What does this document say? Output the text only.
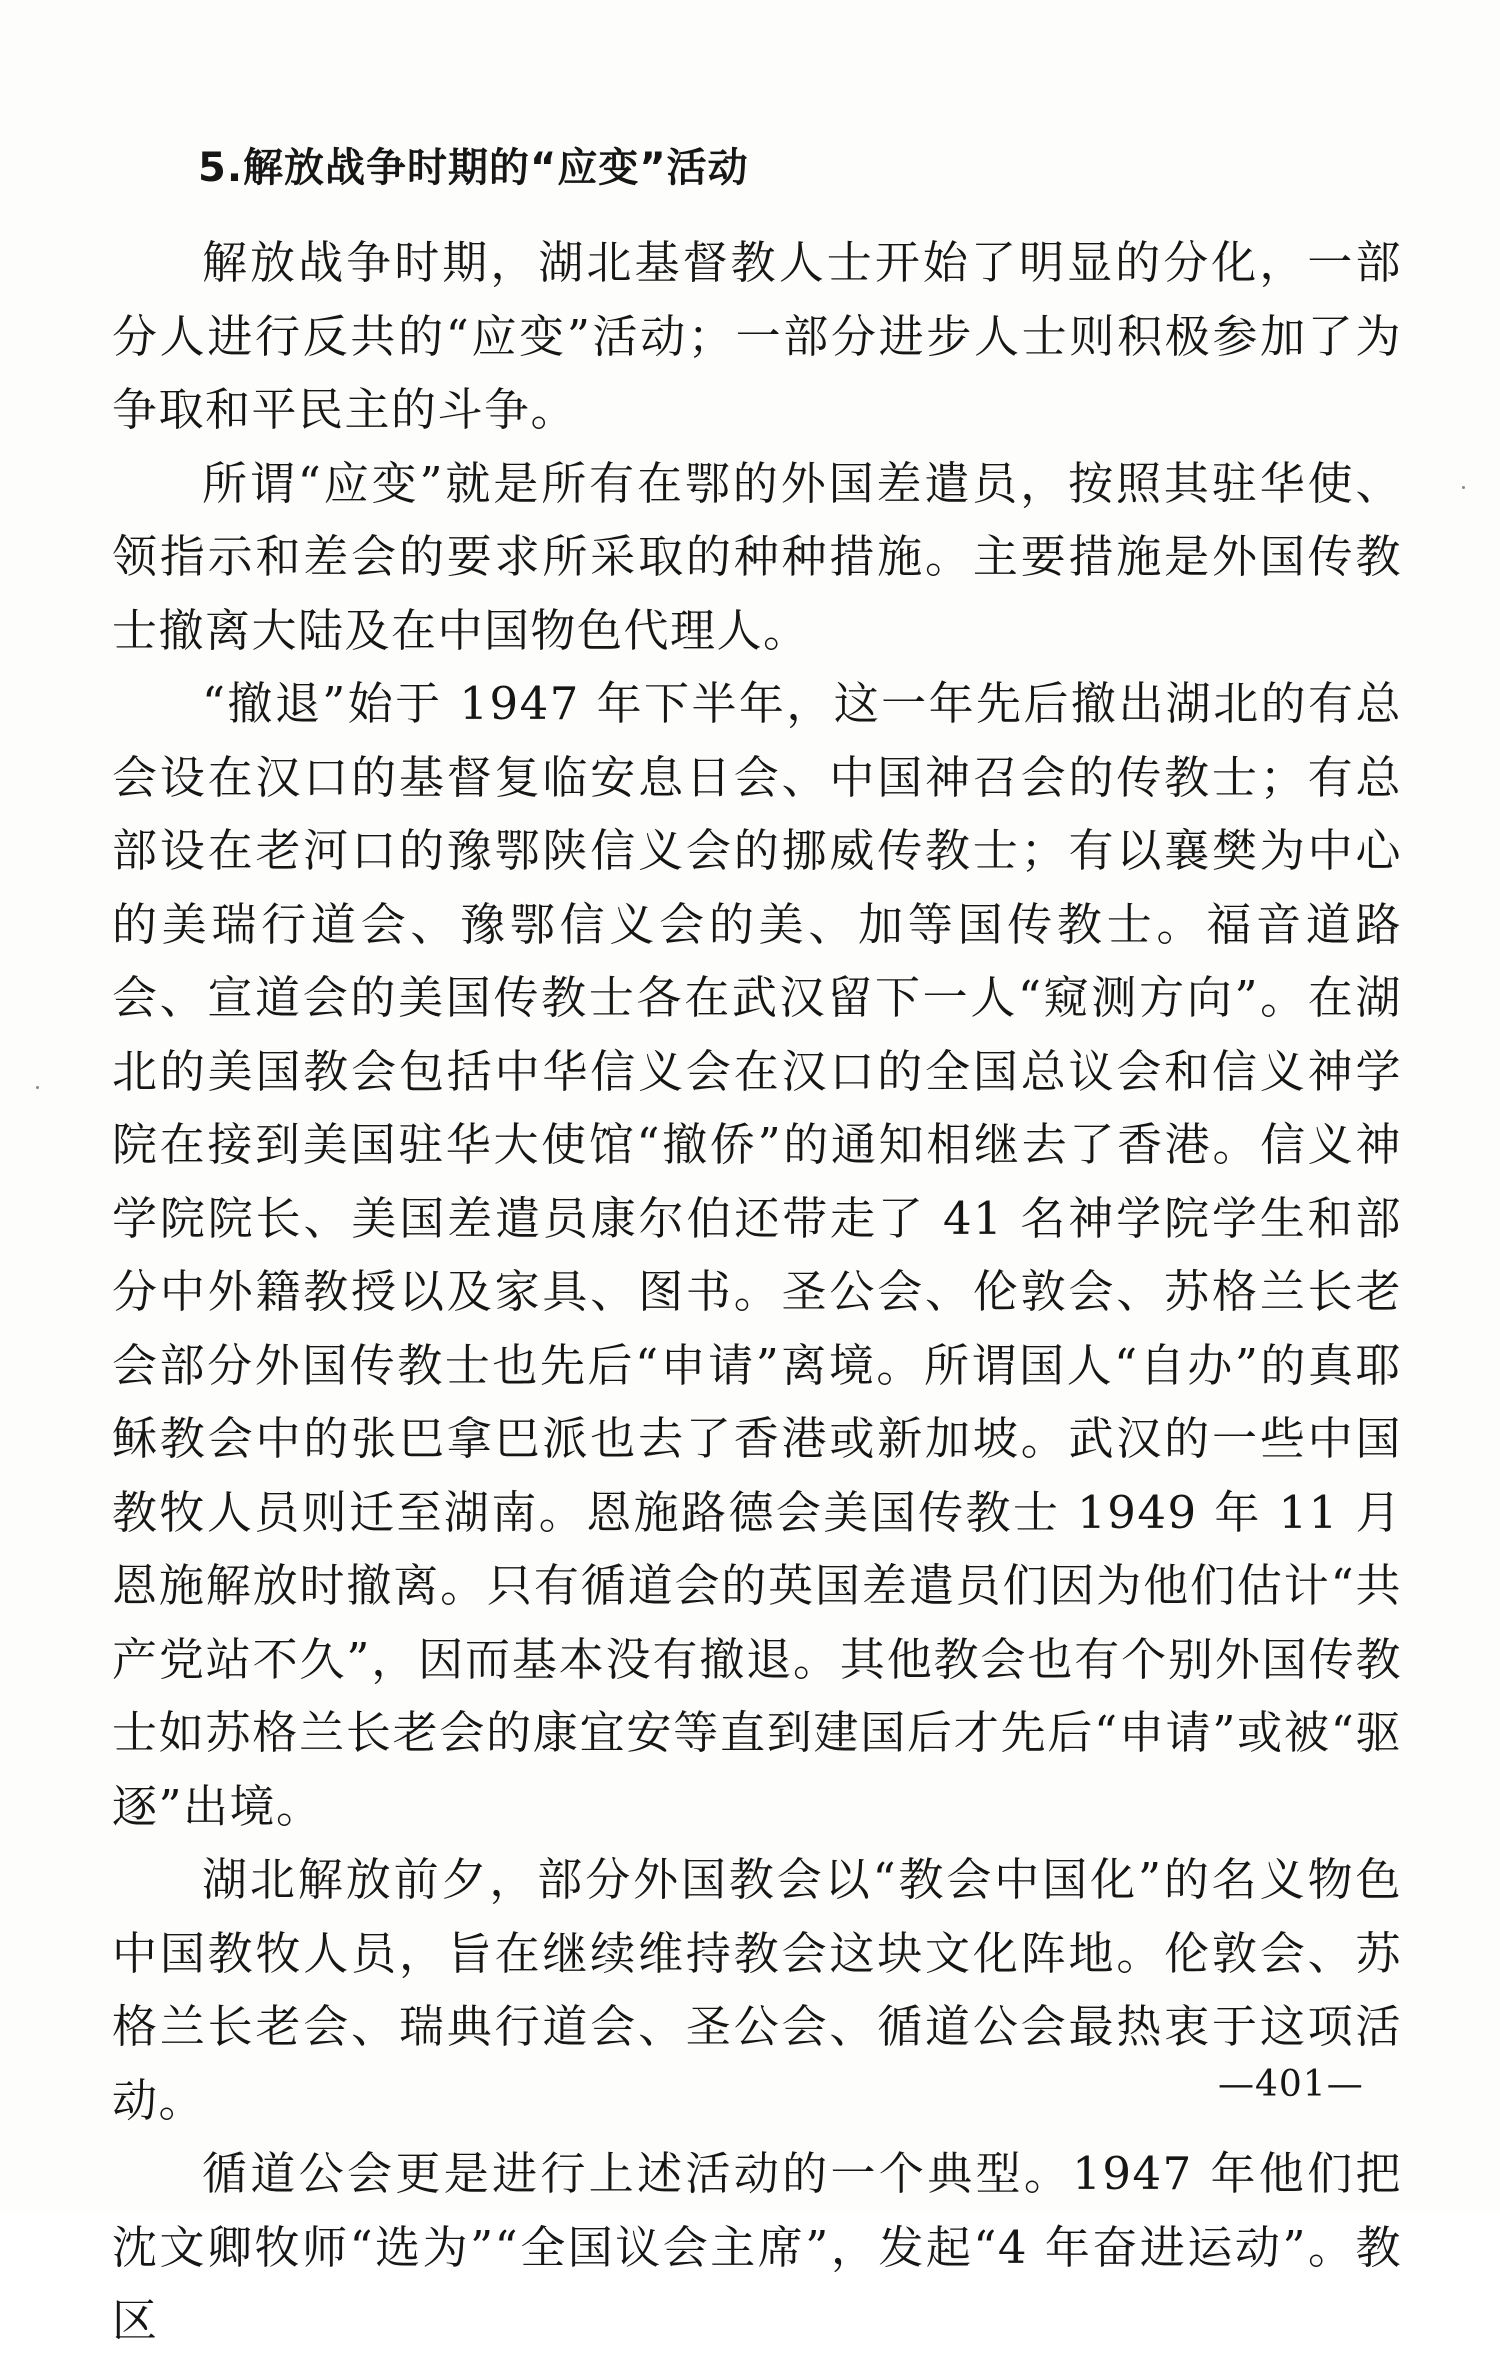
5.解放战争时期的“应变”活动

解放战争时期，湖北基督教人士开始了明显的分化，一部分人进行反共的“应变”活动；一部分进步人士则积极参加了为争取和平民主的斗争。

所谓“应变”就是所有在鄂的外国差遣员，按照其驻华使、领指示和差会的要求所采取的种种措施。主要措施是外国传教士撤离大陆及在中国物色代理人。

“撤退”始于 1947 年下半年，这一年先后撤出湖北的有总会设在汉口的基督复临安息日会、中国神召会的传教士；有总部设在老河口的豫鄂陕信义会的挪威传教士；有以襄樊为中心的美瑞行道会、豫鄂信义会的美、加等国传教士。福音道路会、宣道会的美国传教士各在武汉留下一人“窥测方向”。在湖北的美国教会包括中华信义会在汉口的全国总议会和信义神学院在接到美国驻华大使馆“撤侨”的通知相继去了香港。信义神学院院长、美国差遣员康尔伯还带走了 41 名神学院学生和部分中外籍教授以及家具、图书。圣公会、伦敦会、苏格兰长老会部分外国传教士也先后“申请”离境。所谓国人“自办”的真耶稣教会中的张巴拿巴派也去了香港或新加坡。武汉的一些中国教牧人员则迁至湖南。恩施路德会美国传教士 1949 年 11 月恩施解放时撤离。只有循道会的英国差遣员们因为他们估计“共产党站不久”，因而基本没有撤退。其他教会也有个别外国传教士如苏格兰长老会的康宜安等直到建国后才先后“申请”或被“驱逐”出境。

湖北解放前夕，部分外国教会以“教会中国化”的名义物色中国教牧人员，旨在继续维持教会这块文化阵地。伦敦会、苏格兰长老会、瑞典行道会、圣公会、循道公会最热衷于这项活动。

循道公会更是进行上述活动的一个典型。1947 年他们把沈文卿牧师“选为”“全国议会主席”，发起“4 年奋进运动”。教区

—401—
